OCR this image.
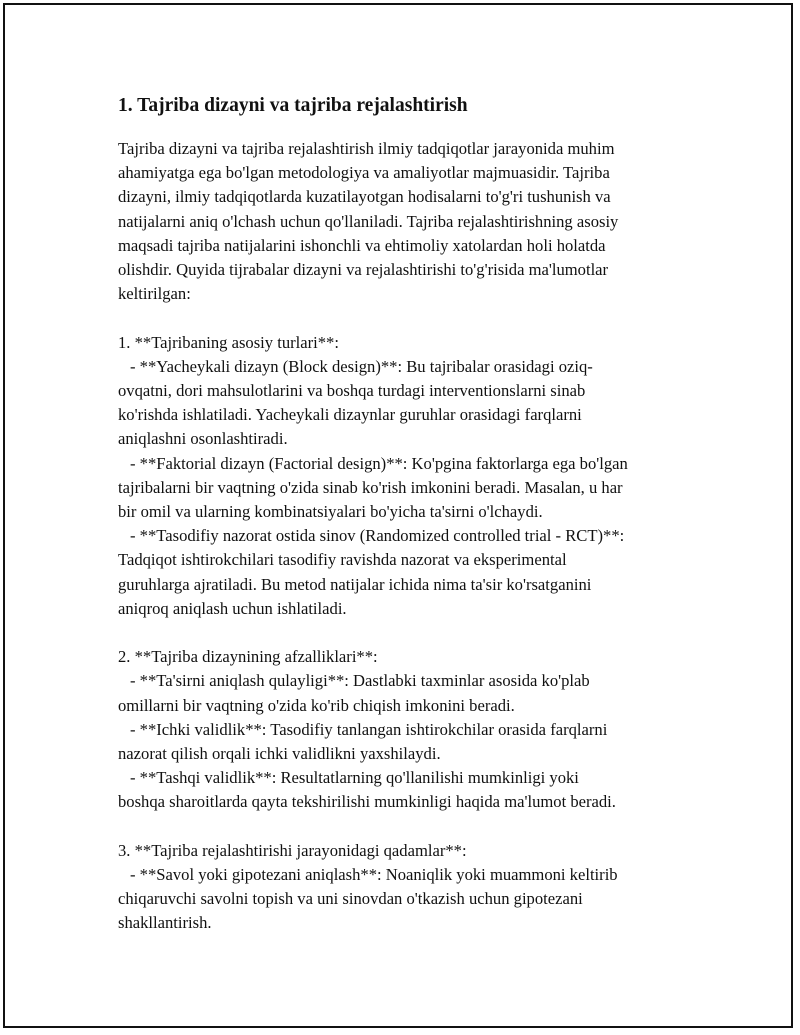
1. Tajriba dizayni va tajriba rejalashtirish
Tajriba dizayni va tajriba rejalashtirish ilmiy tadqiqotlar jarayonida muhim
ahamiyatga ega bo'lgan metodologiya va amaliyotlar majmuasidir. Tajriba
dizayni, ilmiy tadqiqotlarda kuzatilayotgan hodisalarni to'g'ri tushunish va
natijalarni aniq o'lchash uchun qo'llaniladi. Tajriba rejalashtirishning asosiy
maqsadi tajriba natijalarini ishonchli va ehtimoliy xatolardan holi holatda
olishdir. Quyida tijrabalar dizayni va rejalashtirishi to'g'risida ma'lumotlar
keltirilgan:
1. **Tajribaning asosiy turlari**:
- **Yacheykali dizayn (Block design)**: Bu tajribalar orasidagi oziq-
ovqatni, dori mahsulotlarini va boshqa turdagi interventionslarni sinab
ko'rishda ishlatiladi. Yacheykali dizaynlar guruhlar orasidagi farqlarni
aniqlashni osonlashtiradi.
- **Faktorial dizayn (Factorial design)**: Ko'pgina faktorlarga ega bo'lgan
tajribalarni bir vaqtning o'zida sinab ko'rish imkonini beradi. Masalan, u har
bir omil va ularning kombinatsiyalari bo'yicha ta'sirni o'lchaydi.
- **Tasodifiy nazorat ostida sinov (Randomized controlled trial - RCT)**:
Tadqiqot ishtirokchilari tasodifiy ravishda nazorat va eksperimental
guruhlarga ajratiladi. Bu metod natijalar ichida nima ta'sir ko'rsatganini
aniqroq aniqlash uchun ishlatiladi.
2. **Tajriba dizaynining afzalliklari**:
- **Ta'sirni aniqlash qulayligi**: Dastlabki taxminlar asosida ko'plab
omillarni bir vaqtning o'zida ko'rib chiqish imkonini beradi.
- **Ichki validlik**: Tasodifiy tanlangan ishtirokchilar orasida farqlarni
nazorat qilish orqali ichki validlikni yaxshilaydi.
- **Tashqi validlik**: Resultatlarning qo'llanilishi mumkinligi yoki
boshqa sharoitlarda qayta tekshirilishi mumkinligi haqida ma'lumot beradi.
3. **Tajriba rejalashtirishi jarayonidagi qadamlar**:
- **Savol yoki gipotezani aniqlash**: Noaniqlik yoki muammoni keltirib
chiqaruvchi savolni topish va uni sinovdan o'tkazish uchun gipotezani
shakllantirish.
